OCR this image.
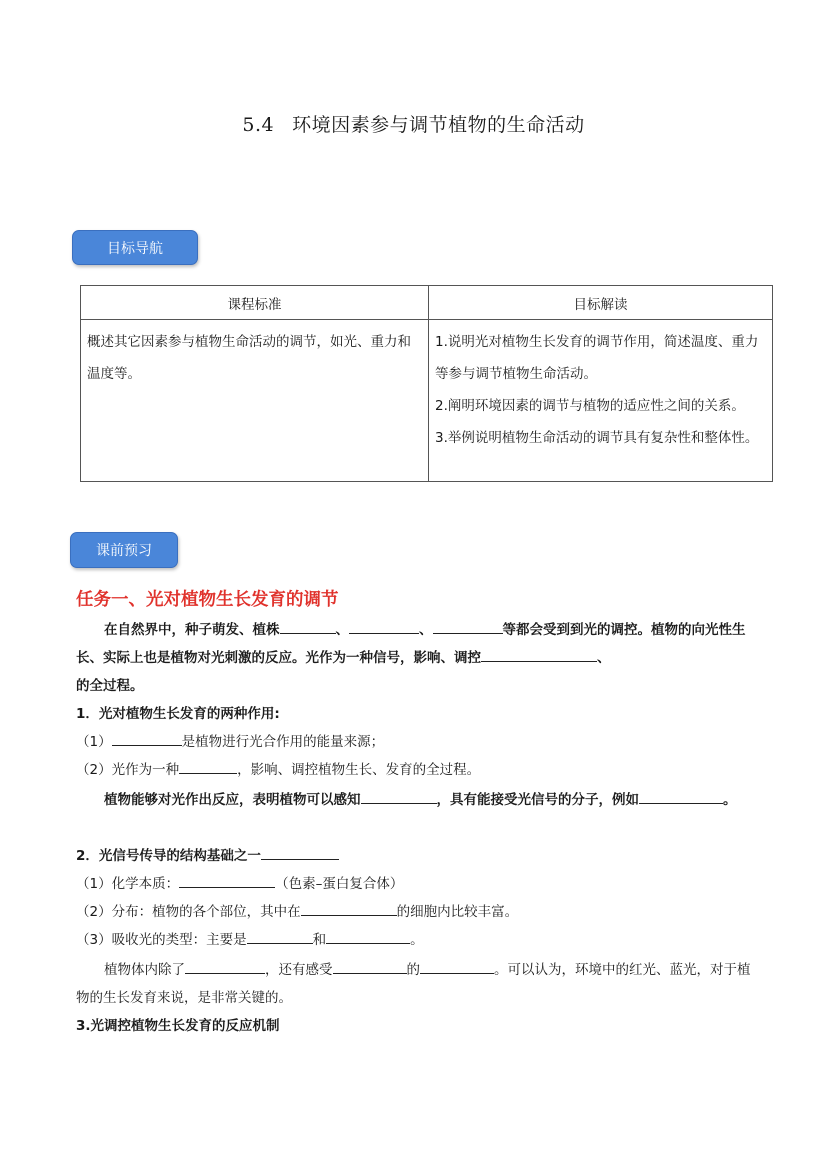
5.4 环境因素参与调节植物的生命活动
目标导航
课程标准	目标解读

概述其它因素参与植物生命活动的调节，如光、重力和温度等。	1.说明光对植物生长发育的调节作用，简述温度、重力等参与调节植物生命活动。

2.阐明环境因素的调节与植物的适应性之间的关系。

3.举例说明植物生命活动的调节具有复杂性和整体性。

课前预习
任务一、光对植物生长发育的调节
在自然界中，种子萌发、植株	、	、	等都会受到到光的调控。植物的向光性生长、实际上也是植物对光刺激的反应。光作为一种信号，影响、调控	、
的全过程。
1．光对植物生长发育的两种作用:
（1）	是植物进行光合作用的能量来源；
（2）光作为一种	，影响、调控植物生长、发育的全过程。
植物能够对光作出反应，表明植物可以感知	，具有能接受光信号的分子，例如	。
2．光信号传导的结构基础之一
（1）化学本质：	（色素–蛋白复合体）
（2）分布：植物的各个部位，其中在	的细胞内比较丰富。
（3）吸收光的类型：主要是	和	。
植物体内除了	，还有感受	的	。可以认为，环境中的红光、蓝光，对于植物的生长发育来说，是非常关键的。
3.光调控植物生长发育的反应机制
